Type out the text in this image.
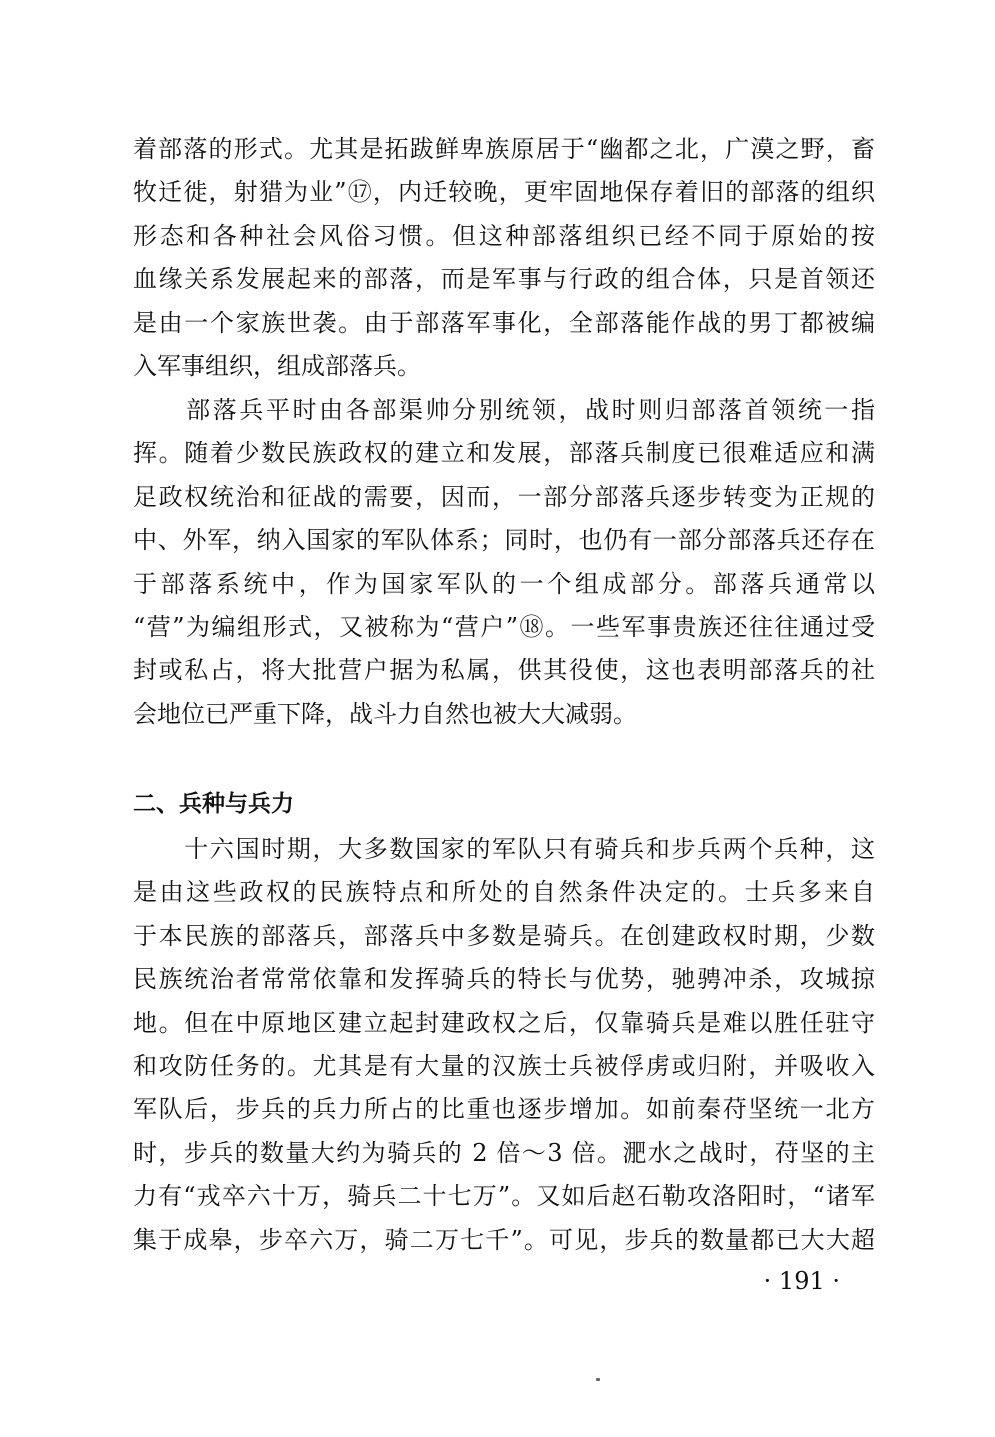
着部落的形式。尤其是拓跋鲜卑族原居于“幽都之北，广漠之野，畜
牧迁徙，射猎为业”⑰，内迁较晚，更牢固地保存着旧的部落的组织
形态和各种社会风俗习惯。但这种部落组织已经不同于原始的按
血缘关系发展起来的部落，而是军事与行政的组合体，只是首领还
是由一个家族世袭。由于部落军事化，全部落能作战的男丁都被编
入军事组织，组成部落兵。
　　部落兵平时由各部渠帅分别统领，战时则归部落首领统一指
挥。随着少数民族政权的建立和发展，部落兵制度已很难适应和满
足政权统治和征战的需要，因而，一部分部落兵逐步转变为正规的
中、外军，纳入国家的军队体系；同时，也仍有一部分部落兵还存在
于部落系统中，作为国家军队的一个组成部分。部落兵通常以
“营”为编组形式，又被称为“营户”⑱。一些军事贵族还往往通过受
封或私占，将大批营户据为私属，供其役使，这也表明部落兵的社
会地位已严重下降，战斗力自然也被大大减弱。
二、兵种与兵力
　　十六国时期，大多数国家的军队只有骑兵和步兵两个兵种，这
是由这些政权的民族特点和所处的自然条件决定的。士兵多来自
于本民族的部落兵，部落兵中多数是骑兵。在创建政权时期，少数
民族统治者常常依靠和发挥骑兵的特长与优势，驰骋冲杀，攻城掠
地。但在中原地区建立起封建政权之后，仅靠骑兵是难以胜任驻守
和攻防任务的。尤其是有大量的汉族士兵被俘虏或归附，并吸收入
军队后，步兵的兵力所占的比重也逐步增加。如前秦苻坚统一北方
时，步兵的数量大约为骑兵的 2 倍～3 倍。淝水之战时，苻坚的主
力有“戎卒六十万，骑兵二十七万”。又如后赵石勒攻洛阳时，“诸军
集于成皋，步卒六万，骑二万七千”。可见，步兵的数量都已大大超
· 191 ·
